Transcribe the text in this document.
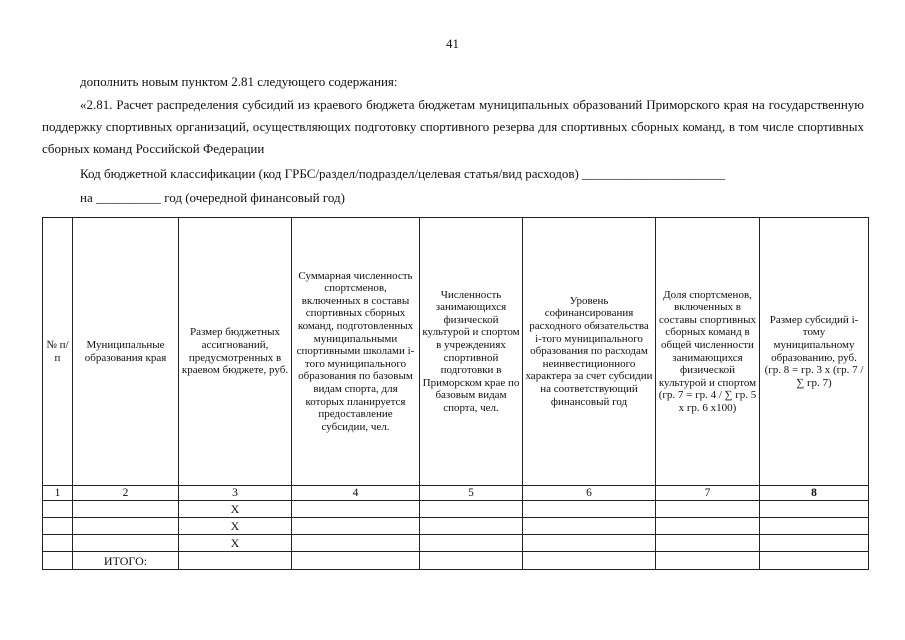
41
дополнить новым пунктом 2.81 следующего содержания:
«2.81. Расчет распределения субсидий из краевого бюджета бюджетам муниципальных образований Приморского края на государственную поддержку спортивных организаций, осуществляющих подготовку спортивного резерва для спортивных сборных команд, в том числе спортивных сборных команд Российской Федерации
Код бюджетной классификации (код ГРБС/раздел/подраздел/целевая статья/вид расходов) ______________________
на __________ год (очередной финансовый год)
№ п/п	Муниципальные образования края	Размер бюджетных ассигнований, предусмотренных в краевом бюджете, руб.	Суммарная численность спортсменов, включенных в составы спортивных сборных команд, подготовленных муниципальными спортивными школами i-того муниципального образования по базовым видам спорта, для которых планируется предоставление субсидии, чел.	Численность занимающихся физической культурой и спортом в учреждениях спортивной подготовки в Приморском крае по базовым видам спорта, чел.	Уровень софинансирования расходного обязательства i-того муниципального образования по расходам неинвестиционного характера за счет субсидии на соответствующий финансовый год	Доля спортсменов, включенных в составы спортивных сборных команд в общей численности занимающихся физической культурой и спортом (гр. 7 = гр. 4 / ∑ гр. 5 х гр. 6 х100)	Размер субсидий i-тому муниципальному образованию, руб. (гр. 8 = гр. 3 х (гр. 7 / ∑ гр. 7)
1	2	3	4	5	6	7	8
		Х					
		Х					
		Х					
	ИТОГО:						
